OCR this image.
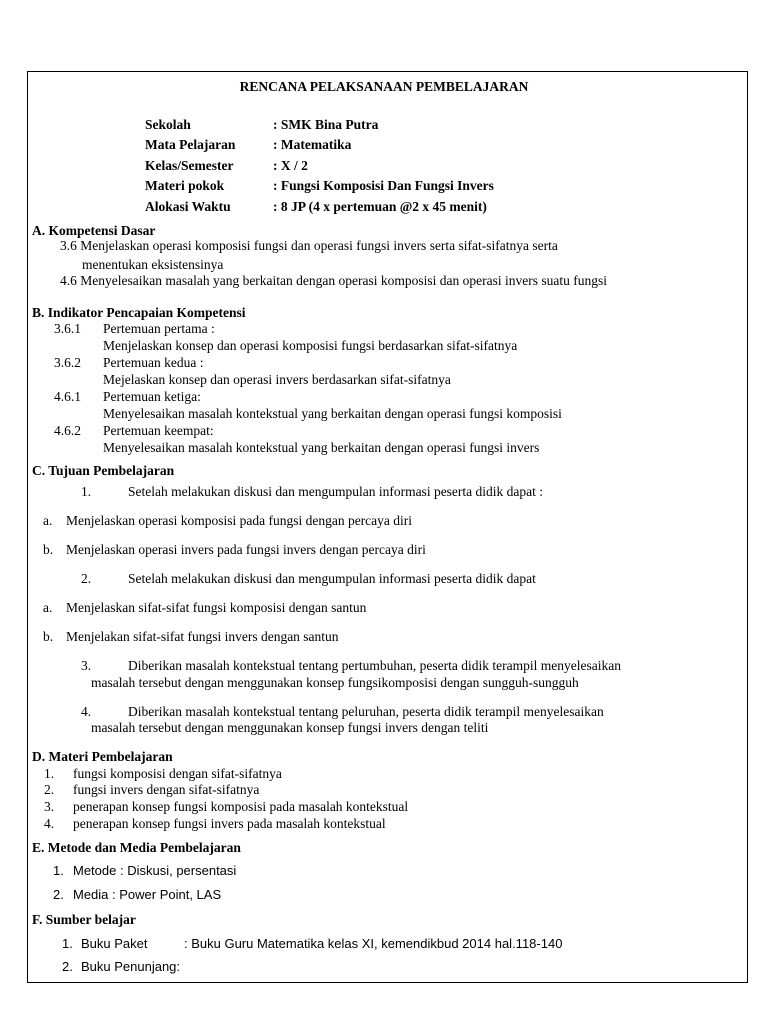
RENCANA PELAKSANAAN PEMBELAJARAN
Sekolah	: SMK Bina Putra
Mata Pelajaran	: Matematika
Kelas/Semester	: X / 2
Materi pokok	: Fungsi Komposisi Dan Fungsi Invers
Alokasi Waktu	: 8 JP (4 x pertemuan @2 x 45 menit)
A. Kompetensi Dasar
3.6 Menjelaskan operasi komposisi fungsi dan operasi fungsi invers serta sifat-sifatnya serta
menentukan eksistensinya
4.6 Menyelesaikan masalah yang berkaitan dengan operasi komposisi dan operasi invers suatu fungsi
B. Indikator Pencapaian Kompetensi
3.6.1 Pertemuan pertama :
Menjelaskan konsep dan operasi komposisi fungsi berdasarkan sifat-sifatnya
3.6.2 Pertemuan kedua :
Mejelaskan konsep dan operasi invers berdasarkan sifat-sifatnya
4.6.1 Pertemuan ketiga:
Menyelesaikan masalah kontekstual yang berkaitan dengan operasi fungsi komposisi
4.6.2 Pertemuan keempat:
Menyelesaikan masalah kontekstual yang berkaitan dengan operasi fungsi invers
C. Tujuan Pembelajaran
1.	Setelah melakukan diskusi dan mengumpulan informasi peserta didik dapat :
a. Menjelaskan operasi komposisi pada fungsi dengan percaya diri
b. Menjelaskan operasi invers pada fungsi invers dengan percaya diri
2.	Setelah melakukan diskusi dan mengumpulan informasi peserta didik dapat
a. Menjelaskan sifat-sifat fungsi komposisi dengan santun
b. Menjelakan sifat-sifat fungsi invers dengan santun
3.	Diberikan masalah kontekstual tentang pertumbuhan, peserta didik terampil menyelesaikan
masalah tersebut dengan menggunakan konsep fungsikomposisi dengan sungguh-sungguh
4.	Diberikan masalah kontekstual tentang peluruhan, peserta didik terampil menyelesaikan
masalah tersebut dengan menggunakan konsep fungsi invers dengan teliti
D. Materi Pembelajaran
1. fungsi komposisi dengan sifat-sifatnya
2. fungsi invers dengan sifat-sifatnya
3. penerapan konsep fungsi komposisi pada masalah kontekstual
4. penerapan konsep fungsi invers pada masalah kontekstual
E. Metode dan Media Pembelajaran
1. Metode : Diskusi, persentasi
2. Media : Power Point, LAS
F. Sumber belajar
1. Buku Paket	: Buku Guru Matematika kelas XI, kemendikbud 2014 hal.118-140
2. Buku Penunjang:
